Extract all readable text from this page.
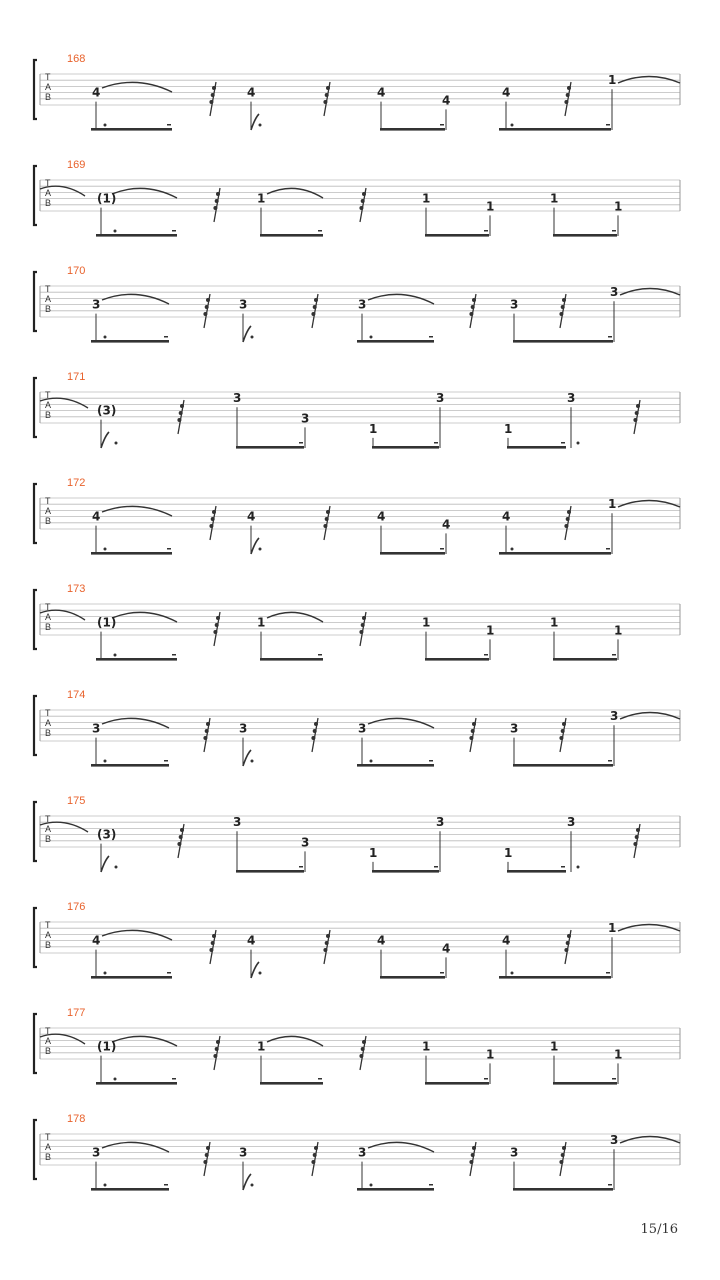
168
T
A
B	4	4	4
4
4
1
169
T
A
B	(1)	1	1
1
1
1
170
T
A
B	3	3	3	3
3
171
T
A
B	(3)
3
3
1
3
1
3
172
T
A
B	4	4	4
4
4
1
173
T
A
B	(1)	1	1
1
1
1
174
T
A
B	3	3	3	3
3
175
T
A
B	(3)
3
3
1
3
1
3
176
T
A
B	4	4	4
4
4
1
177
T
A
B	(1)	1	1
1
1
1
178
T
A
B	3	3	3	3
3
15/16
